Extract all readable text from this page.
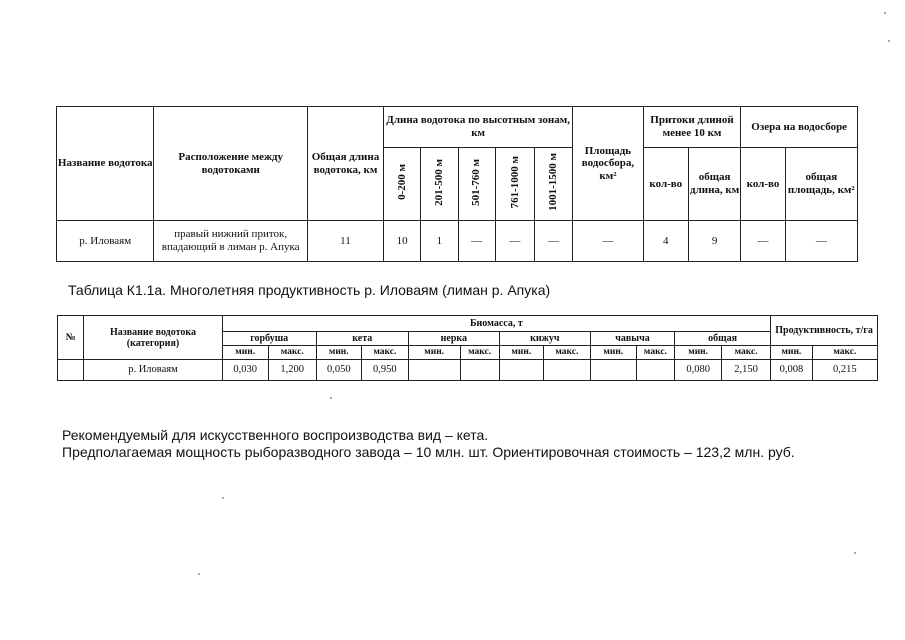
Название водотока	Расположение между водотоками	Общая длина водотока, км	Длина водотока по высотным зонам, км					Площадь водосбора, км²	Притоки длиной менее 10 км		Озера на водосборе	
			0-200 м	201-500 м	501-760 м	761-1000 м	1001-1500 м		кол-во	общая длина, км	кол-во	общая площадь, км²
р. Иловаям	правый нижний приток, впадающий в лиман р. Апука	11	10	1	—	—	—	—	4	9	—	—
Таблица К1.1а. Многолетняя продуктивность р. Иловаям (лиман р. Апука)
№	Название водотока (категория)	Биомасса, т												Продуктивность, т/га	
		горбуша		кета		нерка		кижуч		чавыча		общая			
		мин.	макс.	мин.	макс.	мин.	макс.	мин.	макс.	мин.	макс.	мин.	макс.	мин.	макс.
	р. Иловаям	0,030	1,200	0,050	0,950							0,080	2,150	0,008	0,215
Рекомендуемый для искусственного воспроизводства вид – кета.
Предполагаемая мощность рыборазводного завода – 10 млн. шт. Ориентировочная стоимость – 123,2 млн. руб.
